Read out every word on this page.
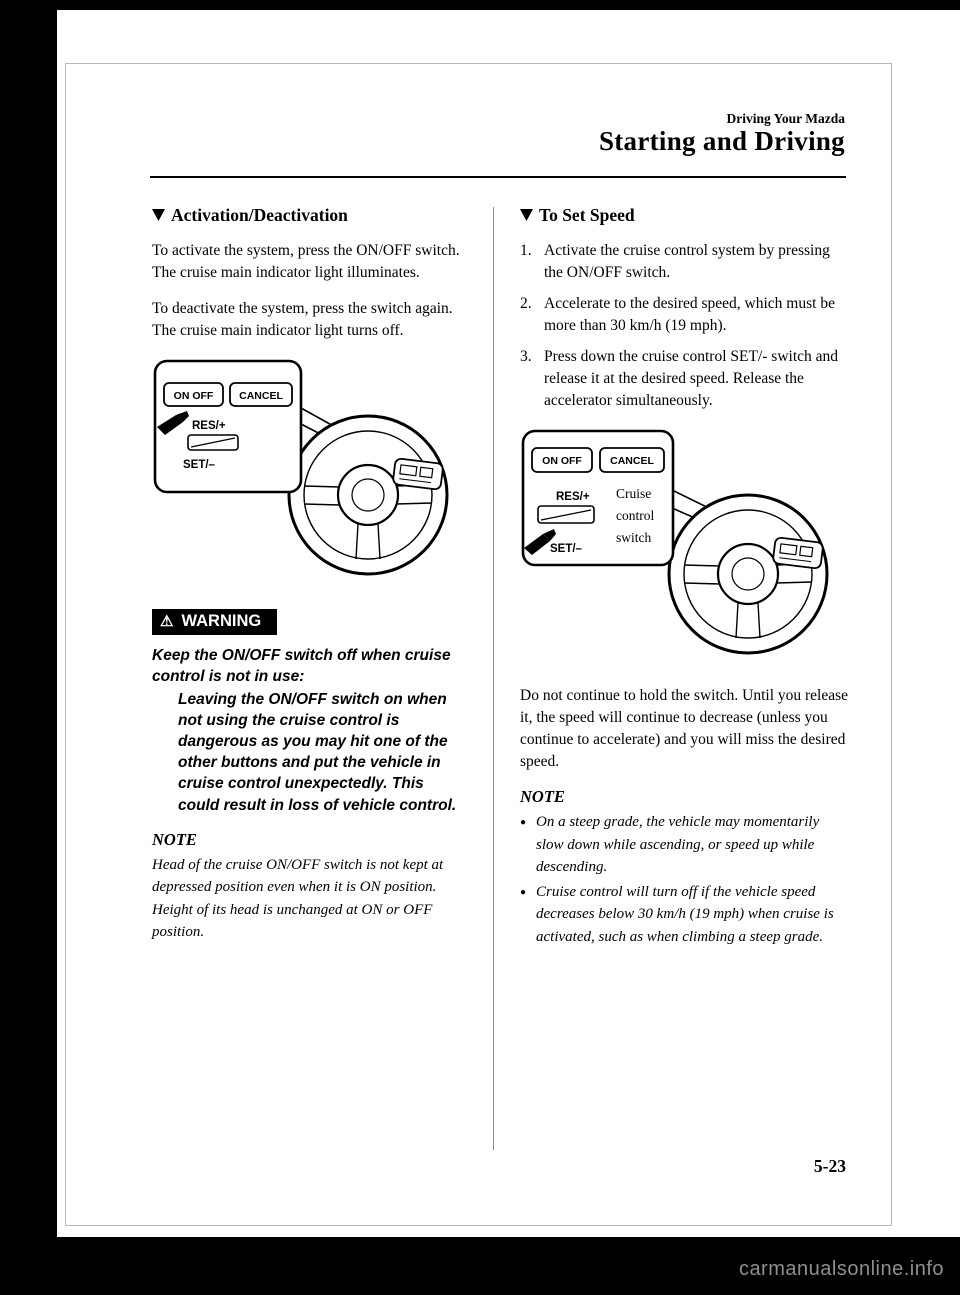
Driving Your Mazda
Starting and Driving
Activation/Deactivation
To activate the system, press the ON/OFF switch.
The cruise main indicator light illuminates.
To deactivate the system, press the switch again.
The cruise main indicator light turns off.
ON OFF CANCEL
RES/+
SET/–
⚠ WARNING
Keep the ON/OFF switch off when cruise control is not in use:
Leaving the ON/OFF switch on when not using the cruise control is dangerous as you may hit one of the other buttons and put the vehicle in cruise control unexpectedly. This could result in loss of vehicle control.
NOTE
Head of the cruise ON/OFF switch is not kept at depressed position even when it is ON position. Height of its head is unchanged at ON or OFF position.
To Set Speed
1. Activate the cruise control system by pressing the ON/OFF switch.
2. Accelerate to the desired speed, which must be more than 30 km/h (19 mph).
3. Press down the cruise control SET/- switch and release it at the desired speed. Release the accelerator simultaneously.
ON OFF	CANCEL
RES/+
SET/–
Cruise
control
switch
Do not continue to hold the switch. Until you release it, the speed will continue to decrease (unless you continue to accelerate) and you will miss the desired speed.
NOTE
● On a steep grade, the vehicle may momentarily slow down while ascending, or speed up while descending.
● Cruise control will turn off if the vehicle speed decreases below 30 km/h (19 mph) when cruise is activated, such as when climbing a steep grade.
5-23
carmanualsonline.info
